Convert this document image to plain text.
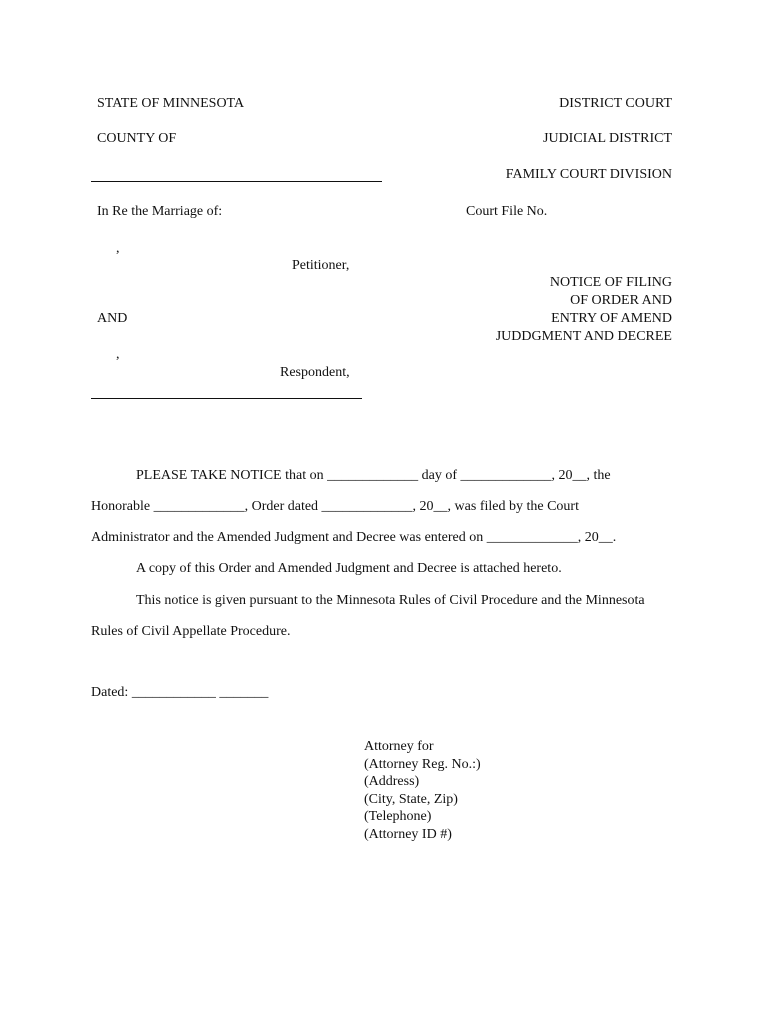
STATE OF MINNESOTA	DISTRICT COURT
COUNTY OF	JUDICIAL DISTRICT
FAMILY COURT DIVISION
In Re the Marriage of:	Court File No.
,
Petitioner,
NOTICE OF FILING
OF ORDER AND
ENTRY OF AMEND
JUDDGMENT AND DECREE
AND
,
Respondent,
PLEASE TAKE NOTICE that on _____________ day of _____________, 20__, the
Honorable _____________, Order dated _____________, 20__, was filed by the Court
Administrator and the Amended Judgment and Decree was entered on _____________, 20__.
A copy of this Order and Amended Judgment and Decree is attached hereto.
This notice is given pursuant to the Minnesota Rules of Civil Procedure and the Minnesota
Rules of Civil Appellate Procedure.
Dated: ____________ _______
Attorney for
(Attorney Reg. No.:)
(Address)
(City, State, Zip)
(Telephone)
(Attorney ID #)
